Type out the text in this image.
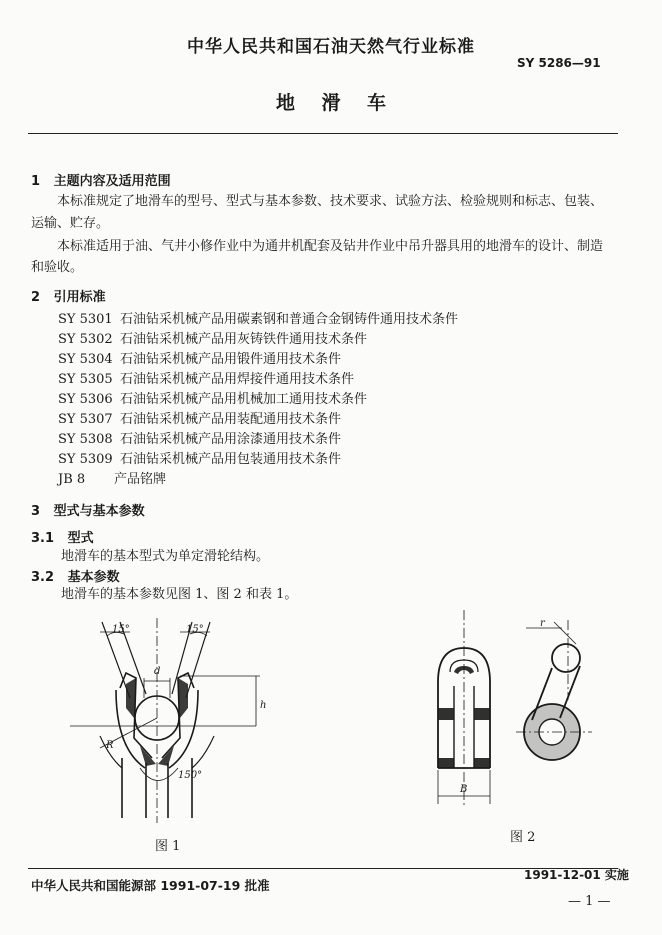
中华人民共和国石油天然气行业标准
SY 5286—91
地    滑    车
1   主题内容及适用范围
本标准规定了地滑车的型号、型式与基本参数、技术要求、试验方法、检验规则和标志、包装、
运输、贮存。
本标准适用于油、气井小修作业中为通井机配套及钻井作业中吊升器具用的地滑车的设计、制造
和验收。
2   引用标准
SY 5301 石油钻采机械产品用碳素钢和普通合金钢铸件通用技术条件
SY 5302 石油钻采机械产品用灰铸铁件通用技术条件
SY 5304 石油钻采机械产品用锻件通用技术条件
SY 5305 石油钻采机械产品用焊接件通用技术条件
SY 5306 石油钻采机械产品用机械加工通用技术条件
SY 5307 石油钻采机械产品用装配通用技术条件
SY 5308 石油钻采机械产品用涂漆通用技术条件
SY 5309 石油钻采机械产品用包装通用技术条件
JB 8 产品铭牌
3   型式与基本参数
3.1   型式
地滑车的基本型式为单定滑轮结构。
3.2   基本参数
地滑车的基本参数见图 1、图 2 和表 1。
15°	15°
d
h
R
150°
图 1
r
B
图 2
中华人民共和国能源部 1991-07-19 批准
1991-12-01 实施
— 1 —
